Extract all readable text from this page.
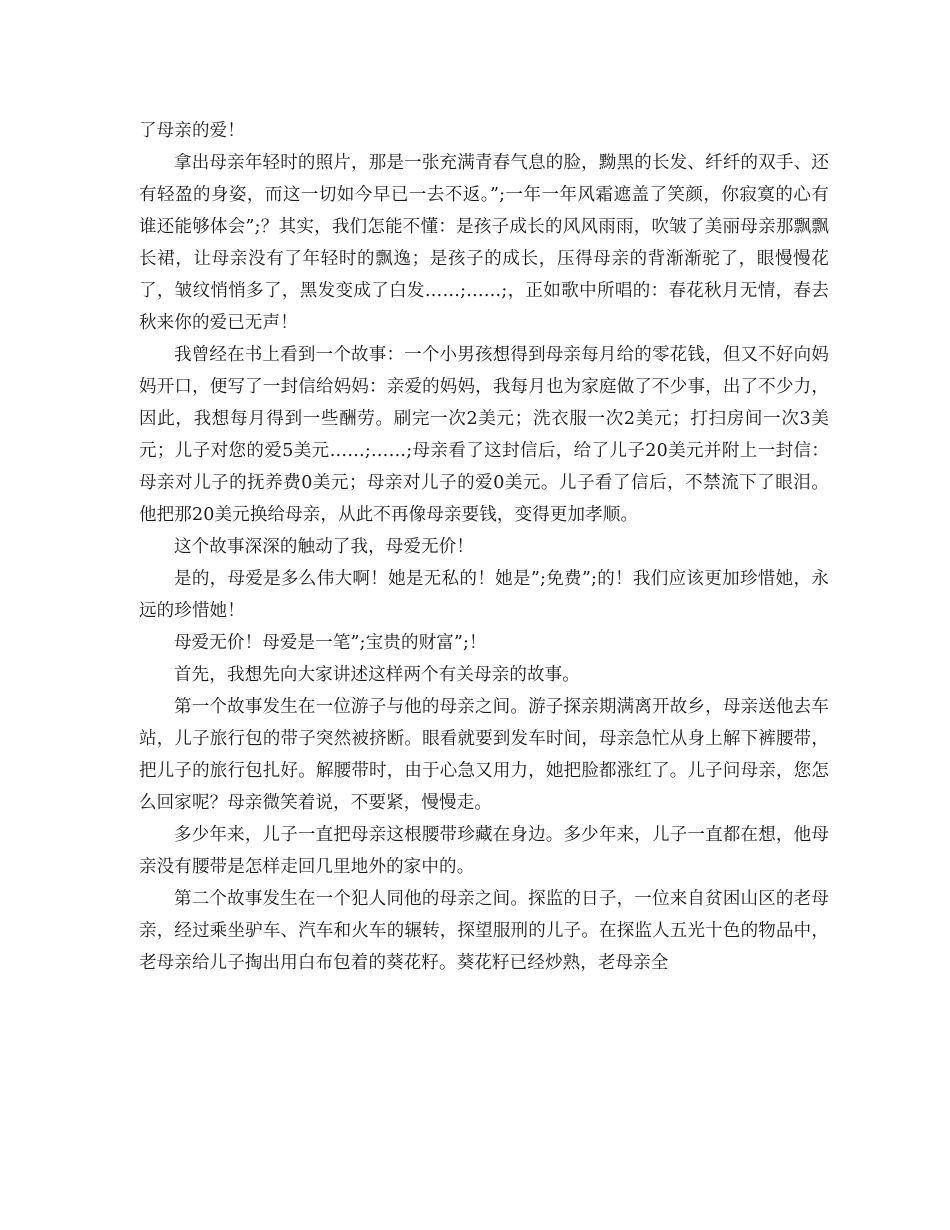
了母亲的爱！

拿出母亲年轻时的照片，那是一张充满青春气息的脸，黝黑的长发、纤纤的双手、还有轻盈的身姿，而这一切如今早已一去不返。”;一年一年风霜遮盖了笑颜，你寂寞的心有谁还能够体会”;？其实，我们怎能不懂：是孩子成长的风风雨雨，吹皱了美丽母亲那飘飘长裙，让母亲没有了年轻时的飘逸；是孩子的成长，压得母亲的背渐渐驼了，眼慢慢花了，皱纹悄悄多了，黑发变成了白发……;……;，正如歌中所唱的：春花秋月无情，春去秋来你的爱已无声！

我曾经在书上看到一个故事：一个小男孩想得到母亲每月给的零花钱，但又不好向妈妈开口，便写了一封信给妈妈：亲爱的妈妈，我每月也为家庭做了不少事，出了不少力，因此，我想每月得到一些酬劳。刷完一次2美元；洗衣服一次2美元；打扫房间一次3美元；儿子对您的爱5美元……;……;母亲看了这封信后，给了儿子20美元并附上一封信：母亲对儿子的抚养费0美元；母亲对儿子的爱0美元。儿子看了信后，不禁流下了眼泪。他把那20美元换给母亲，从此不再像母亲要钱，变得更加孝顺。

这个故事深深的触动了我，母爱无价！

是的，母爱是多么伟大啊！她是无私的！她是”;免费”;的！我们应该更加珍惜她，永远的珍惜她！

母爱无价！母爱是一笔”;宝贵的财富”;！

首先，我想先向大家讲述这样两个有关母亲的故事。

第一个故事发生在一位游子与他的母亲之间。游子探亲期满离开故乡，母亲送他去车站，儿子旅行包的带子突然被挤断。眼看就要到发车时间，母亲急忙从身上解下裤腰带，把儿子的旅行包扎好。解腰带时，由于心急又用力，她把脸都涨红了。儿子问母亲，您怎么回家呢？母亲微笑着说，不要紧，慢慢走。

多少年来，儿子一直把母亲这根腰带珍藏在身边。多少年来，儿子一直都在想，他母亲没有腰带是怎样走回几里地外的家中的。

第二个故事发生在一个犯人同他的母亲之间。探监的日子，一位来自贫困山区的老母亲，经过乘坐驴车、汽车和火车的辗转，探望服刑的儿子。在探监人五光十色的物品中，老母亲给儿子掏出用白布包着的葵花籽。葵花籽已经炒熟，老母亲全
